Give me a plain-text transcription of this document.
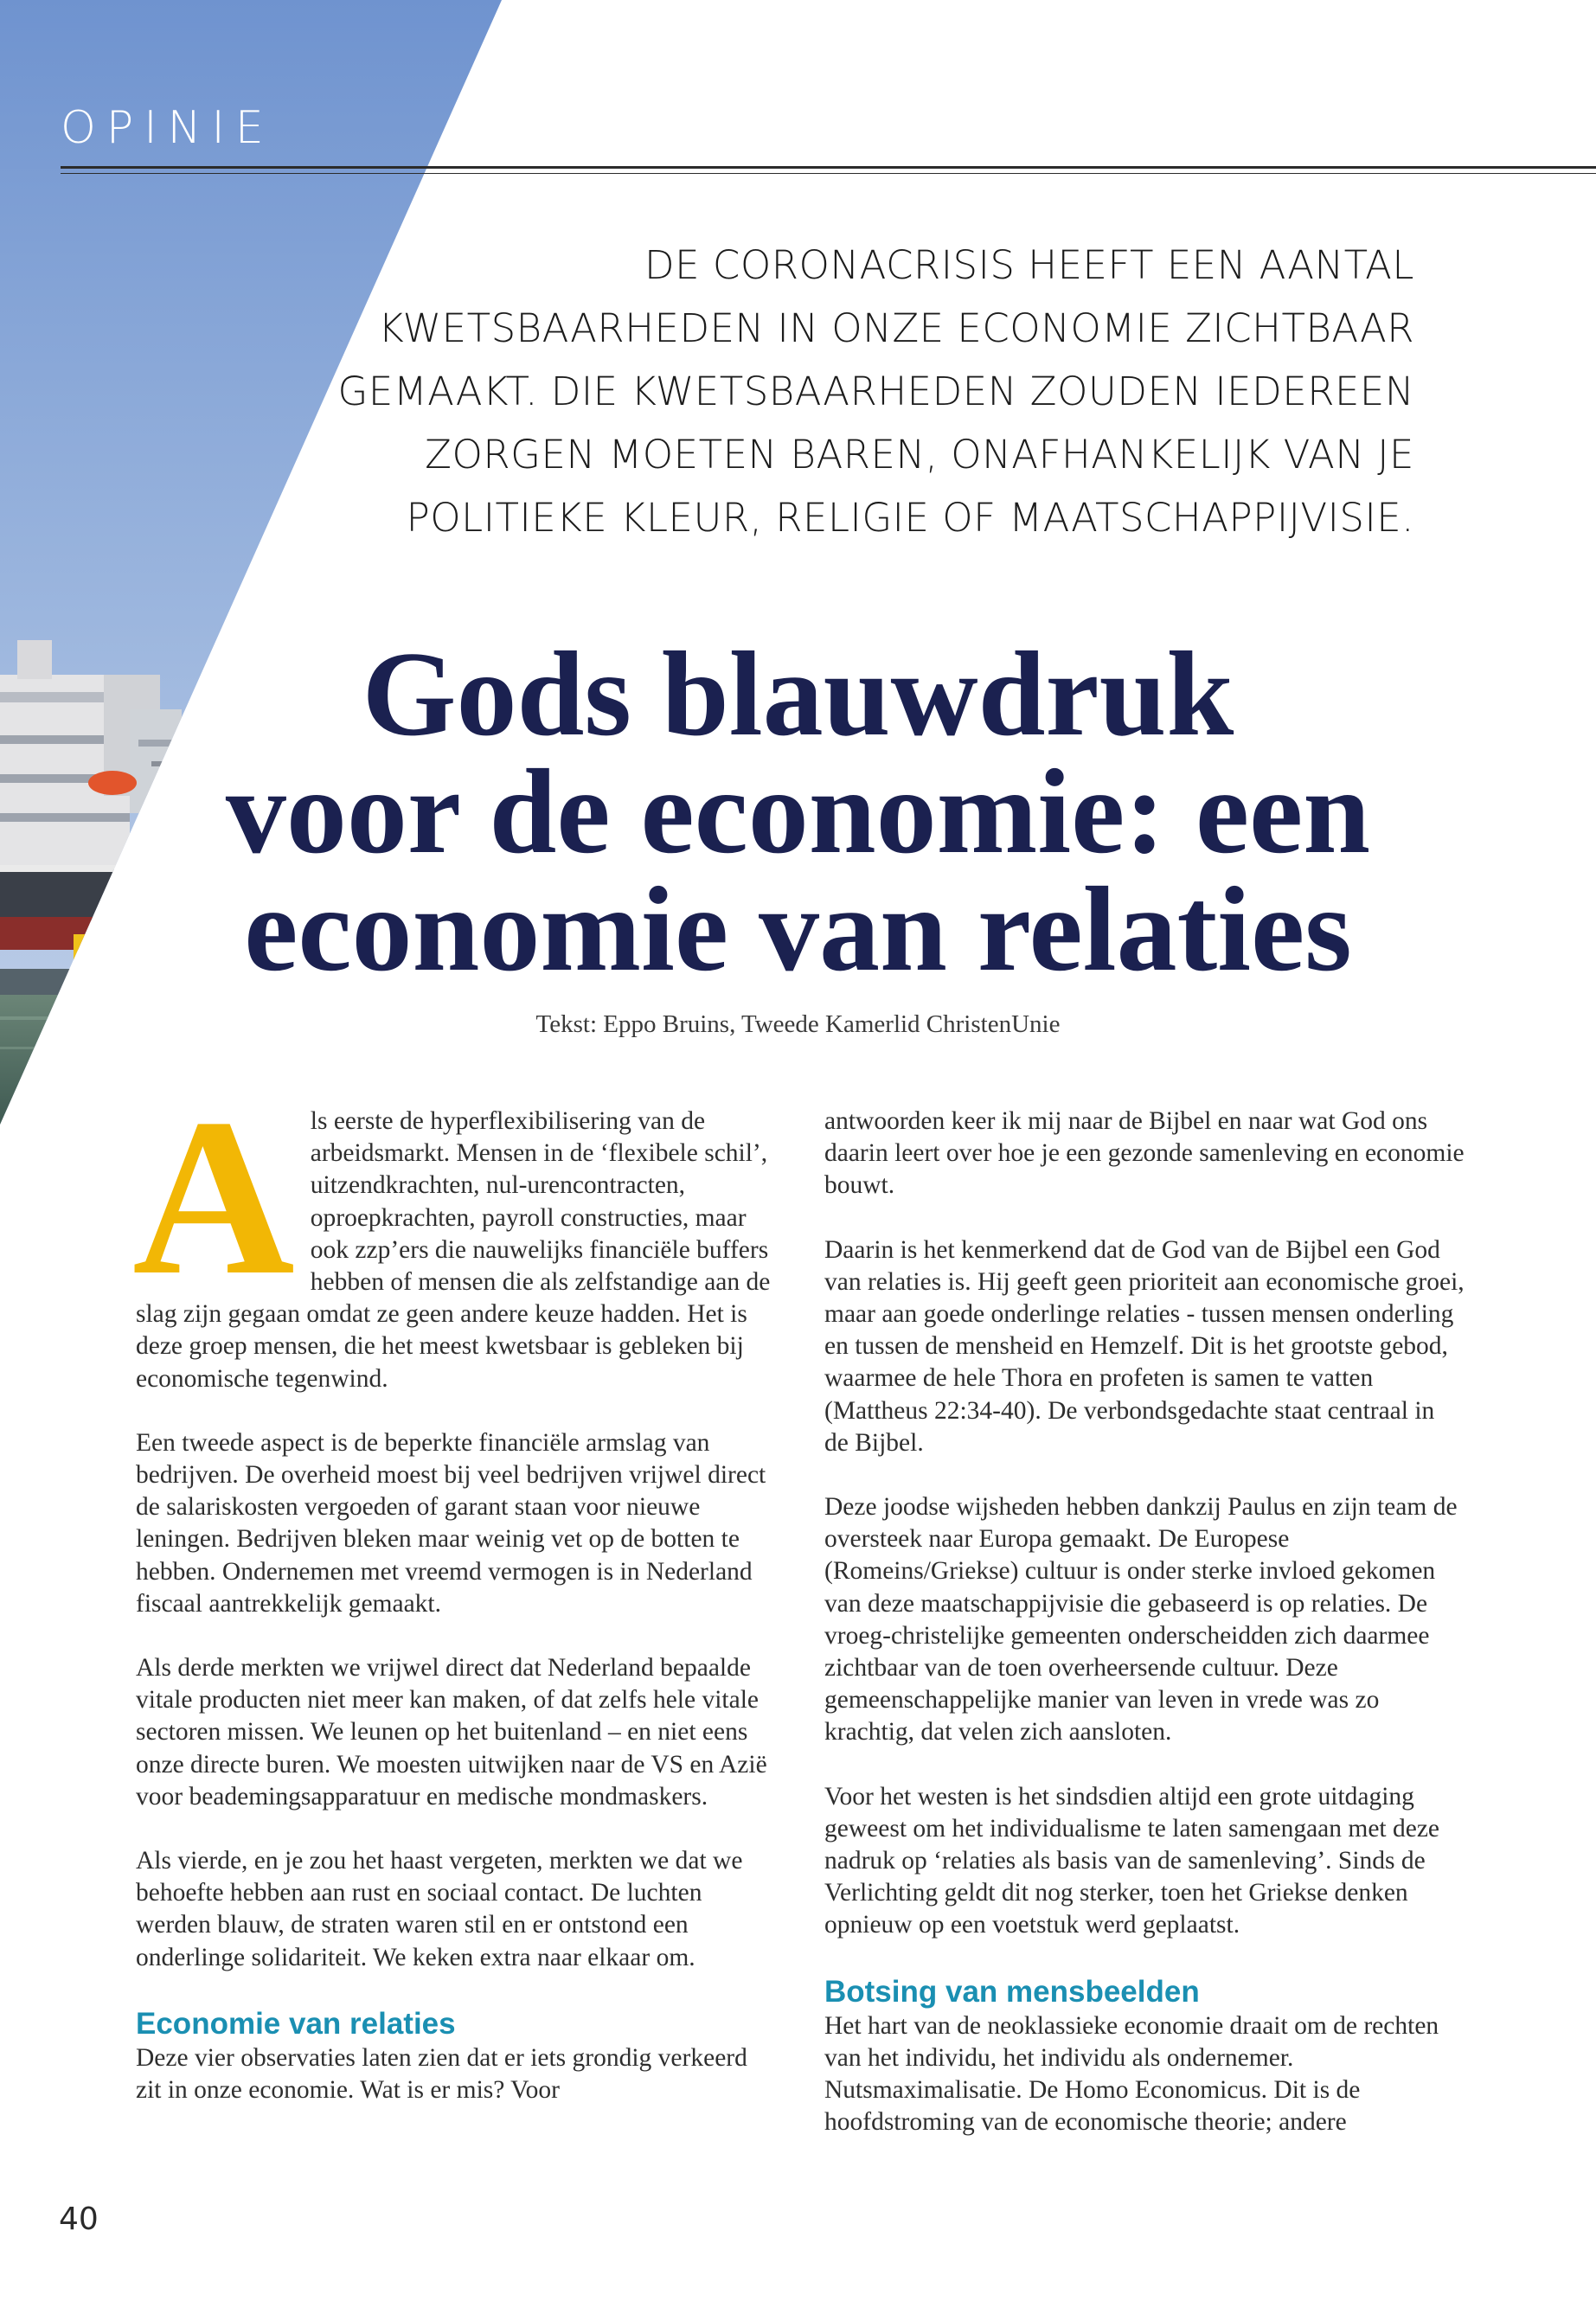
OPINIE

DE CORONACRISIS HEEFT EEN AANTAL
KWETSBAARHEDEN IN ONZE ECONOMIE ZICHTBAAR
GEMAAKT. DIE KWETSBAARHEDEN ZOUDEN IEDEREEN
ZORGEN MOETEN BAREN, ONAFHANKELIJK VAN JE
POLITIEKE KLEUR, RELIGIE OF MAATSCHAPPIJVISIE.

Gods blauwdruk
voor de economie: een
economie van relaties

Tekst: Eppo Bruins, Tweede Kamerlid ChristenUnie

Als eerste de hyperflexibilisering van de arbeidsmarkt. Mensen in de ‘flexibele schil’, uitzendkrachten, nul-urencontracten, oproepkrachten, payroll constructies, maar ook zzp’ers die nauwelijks financiële buffers hebben of mensen die als zelfstandige aan de slag zijn gegaan omdat ze geen andere keuze hadden. Het is deze groep mensen, die het meest kwetsbaar is gebleken bij economische tegenwind.

Een tweede aspect is de beperkte financiële armslag van bedrijven. De overheid moest bij veel bedrijven vrijwel direct de salariskosten vergoeden of garant staan voor nieuwe leningen. Bedrijven bleken maar weinig vet op de botten te hebben. Ondernemen met vreemd vermogen is in Nederland fiscaal aantrekkelijk gemaakt.

Als derde merkten we vrijwel direct dat Nederland bepaalde vitale producten niet meer kan maken, of dat zelfs hele vitale sectoren missen. We leunen op het buitenland – en niet eens onze directe buren. We moesten uitwijken naar de VS en Azië voor beademingsapparatuur en medische mondmaskers.

Als vierde, en je zou het haast vergeten, merkten we dat we behoefte hebben aan rust en sociaal contact. De luchten werden blauw, de straten waren stil en er ontstond een onderlinge solidariteit. We keken extra naar elkaar om.

Economie van relaties

Deze vier observaties laten zien dat er iets grondig verkeerd zit in onze economie. Wat is er mis? Voor

antwoorden keer ik mij naar de Bijbel en naar wat God ons daarin leert over hoe je een gezonde samenleving en economie bouwt.

Daarin is het kenmerkend dat de God van de Bijbel een God van relaties is. Hij geeft geen prioriteit aan economische groei, maar aan goede onderlinge relaties - tussen mensen onderling en tussen de mensheid en Hemzelf. Dit is het grootste gebod, waarmee de hele Thora en profeten is samen te vatten (Mattheus 22:34-40). De verbondsgedachte staat centraal in de Bijbel.

Deze joodse wijsheden hebben dankzij Paulus en zijn team de oversteek naar Europa gemaakt. De Europese (Romeins/Griekse) cultuur is onder sterke invloed gekomen van deze maatschappijvisie die gebaseerd is op relaties. De vroeg-christelijke gemeenten onderscheidden zich daarmee zichtbaar van de toen overheersende cultuur. Deze gemeenschappelijke manier van leven in vrede was zo krachtig, dat velen zich aansloten.

Voor het westen is het sindsdien altijd een grote uitdaging geweest om het individualisme te laten samengaan met deze nadruk op ‘relaties als basis van de samenleving’. Sinds de Verlichting geldt dit nog sterker, toen het Griekse denken opnieuw op een voetstuk werd geplaatst.

Botsing van mensbeelden

Het hart van de neoklassieke economie draait om de rechten van het individu, het individu als ondernemer. Nutsmaximalisatie. De Homo Economicus. Dit is de hoofdstroming van de economische theorie; andere

40
